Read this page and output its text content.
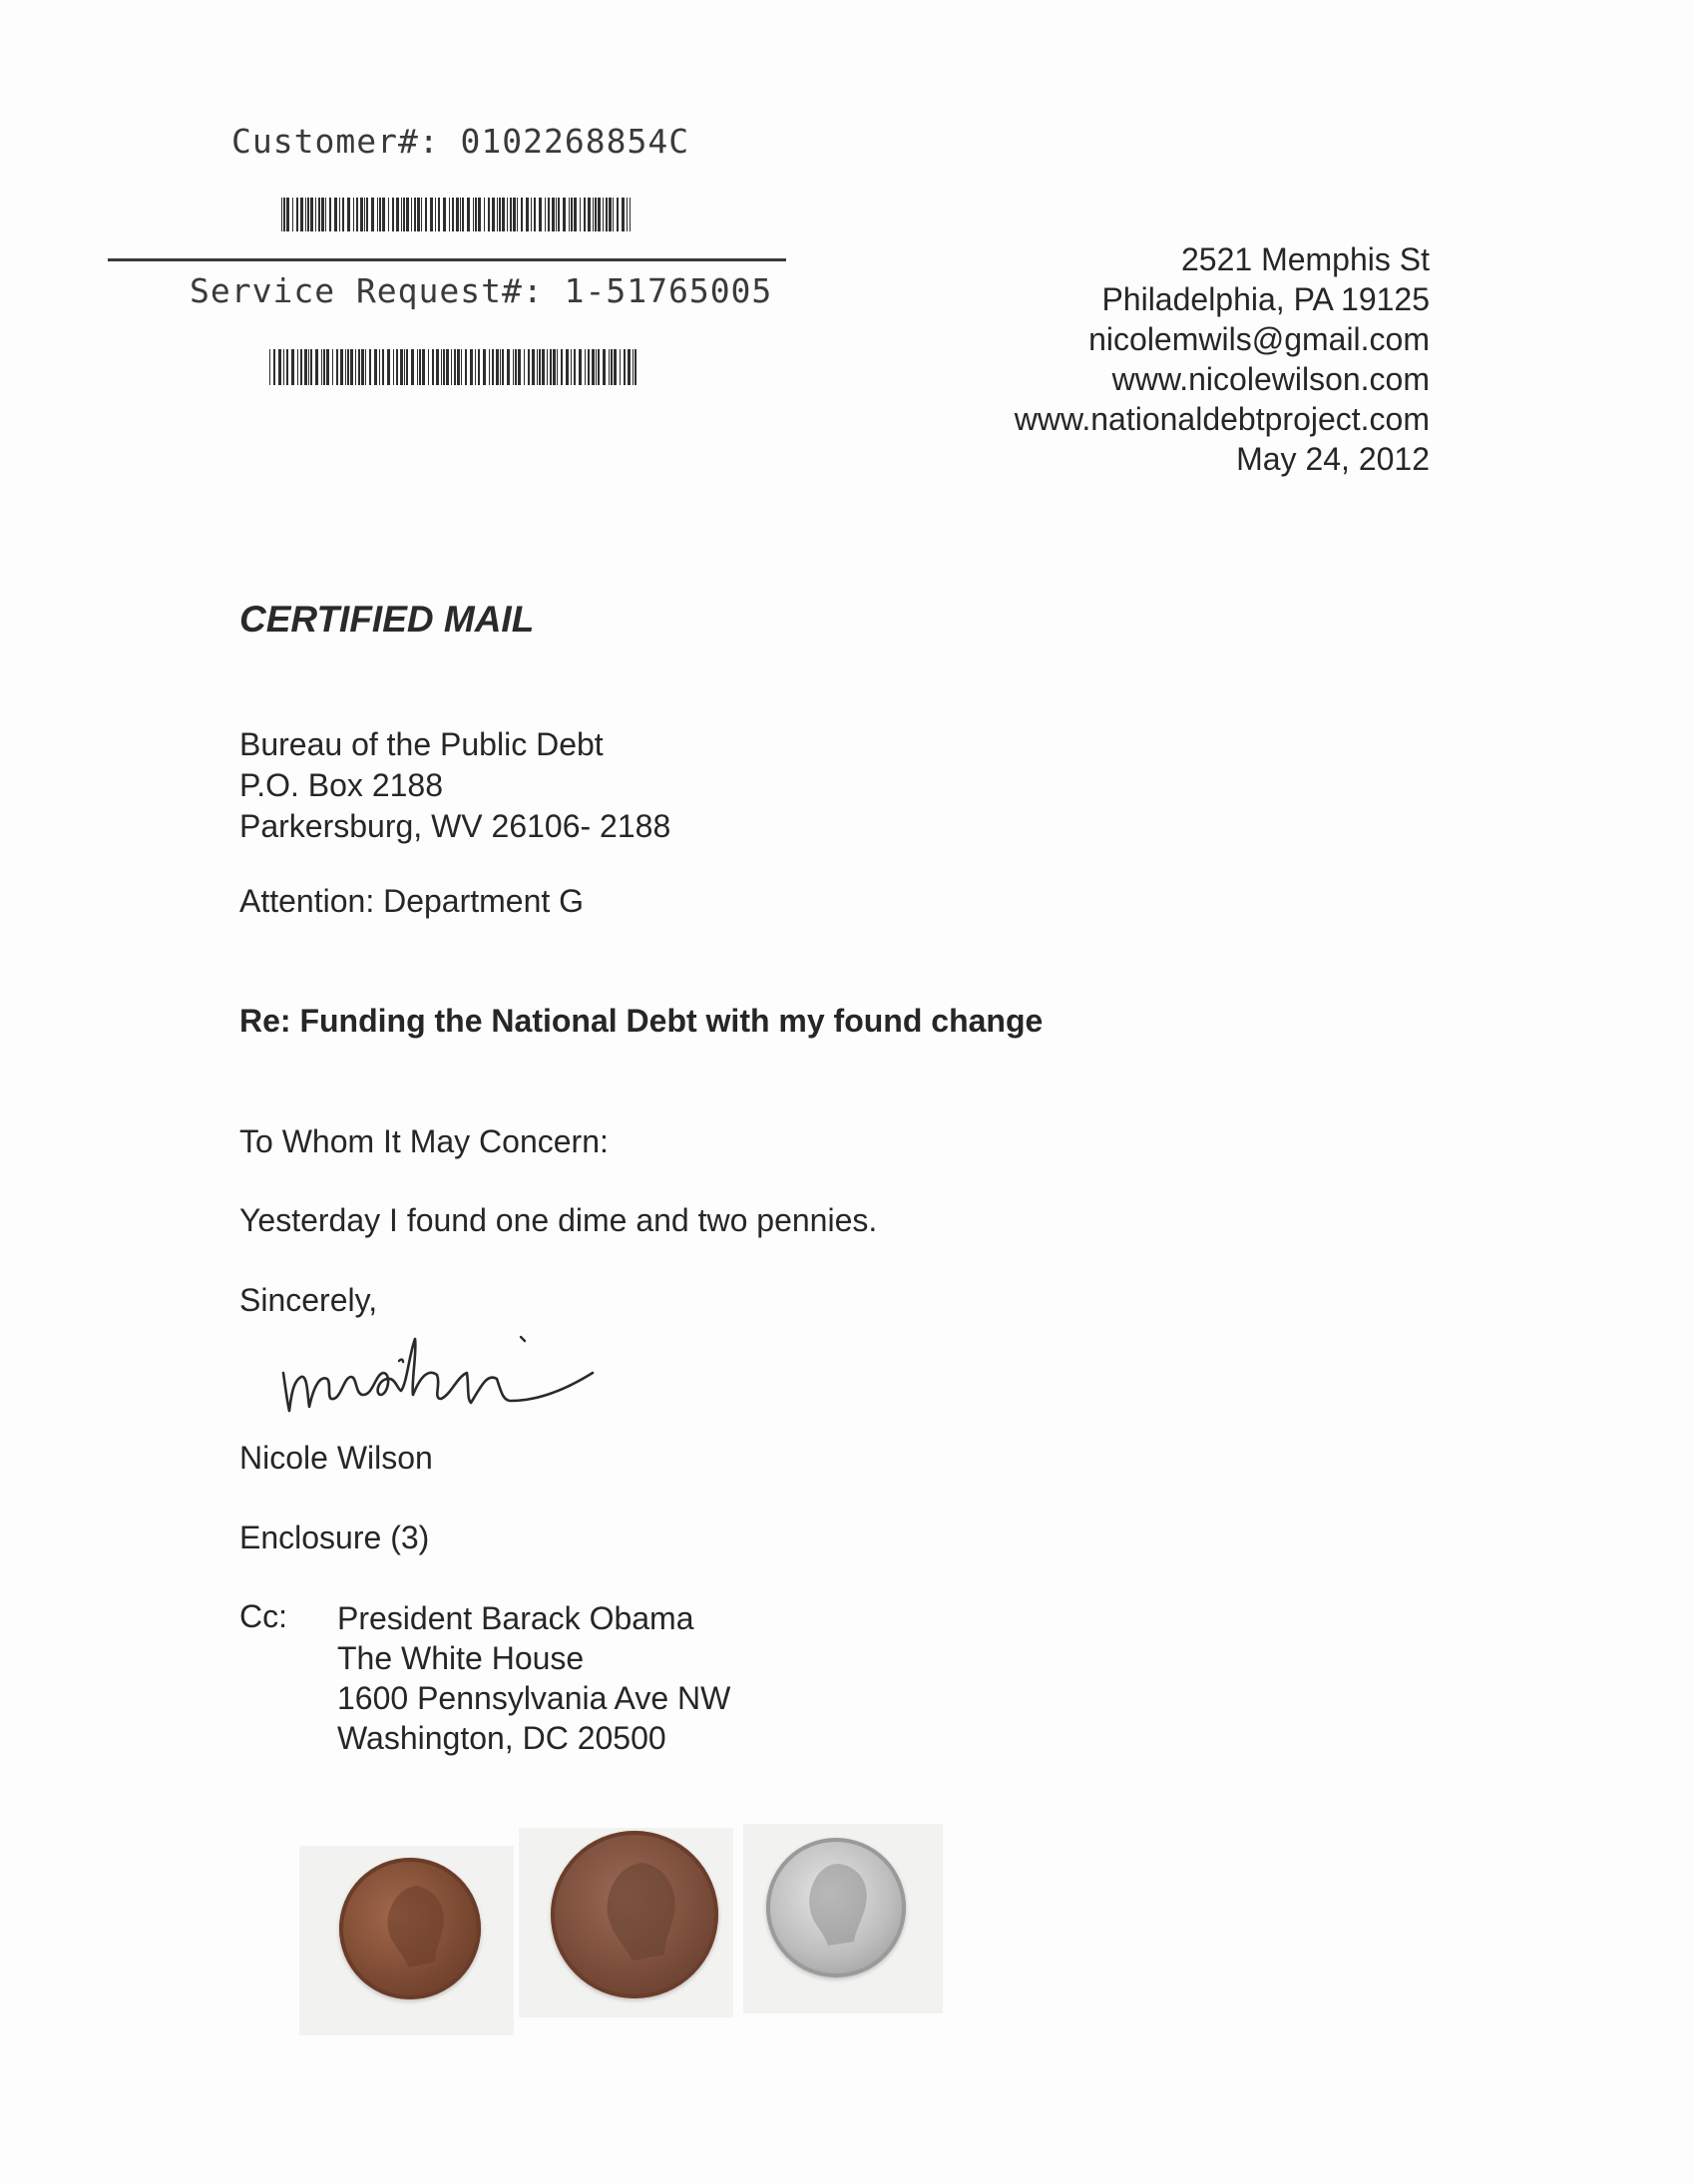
Customer#: 0102268854C
Service Request#: 1-51765005
2521 Memphis St
Philadelphia, PA 19125
nicolemwils@gmail.com
www.nicolewilson.com
www.nationaldebtproject.com
May 24, 2012
CERTIFIED MAIL
Bureau of the Public Debt
P.O. Box 2188
Parkersburg, WV 26106- 2188
Attention: Department G
Re: Funding the National Debt with my found change
To Whom It May Concern:
Yesterday I found one dime and two pennies.
Sincerely,
Nicole Wilson
Enclosure (3)
Cc: President Barack Obama
The White House
1600 Pennsylvania Ave NW
Washington, DC 20500
